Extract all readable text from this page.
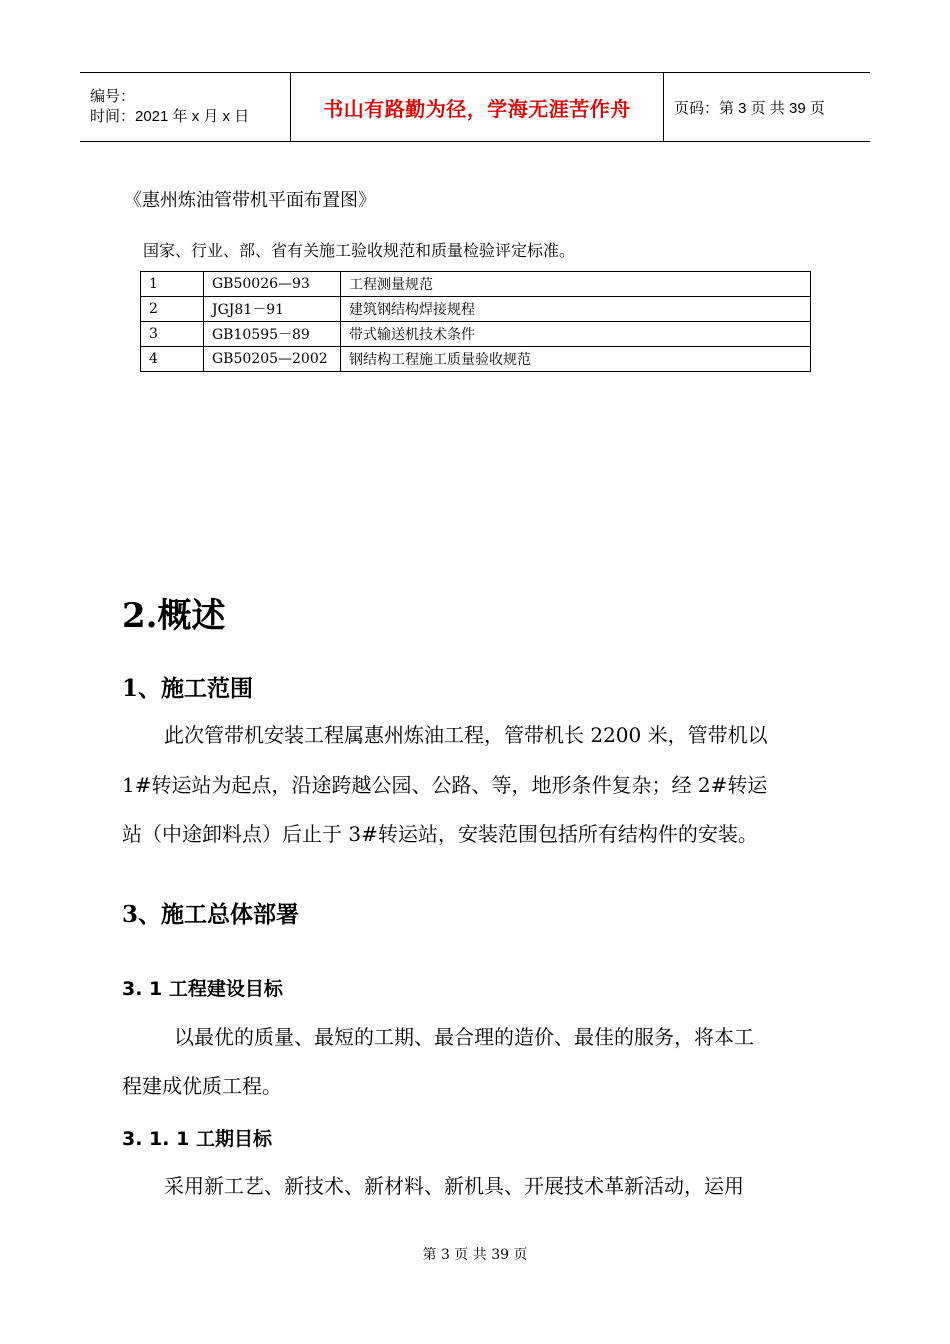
编号：
时间：2021 年 x 月 x 日	书山有路勤为径，学海无涯苦作舟	页码：第 3 页 共 39 页
《惠州炼油管带机平面布置图》
国家、行业、部、省有关施工验收规范和质量检验评定标准。
1	GB50026—93	工程测量规范
2	JGJ81－91	建筑钢结构焊接规程
3	GB10595－89	带式输送机技术条件
4	GB50205—2002	钢结构工程施工质量验收规范
2.概述
1、施工范围
此次管带机安装工程属惠州炼油工程，管带机长 2200 米，管带机以
1#转运站为起点，沿途跨越公园、公路、等，地形条件复杂；经 2#转运
站（中途卸料点）后止于 3#转运站，安装范围包括所有结构件的安装。
3、施工总体部署
3. 1 工程建设目标
以最优的质量、最短的工期、最合理的造价、最佳的服务，将本工
程建成优质工程。
3. 1. 1 工期目标
采用新工艺、新技术、新材料、新机具、开展技术革新活动，运用
第 3 页 共 39 页
